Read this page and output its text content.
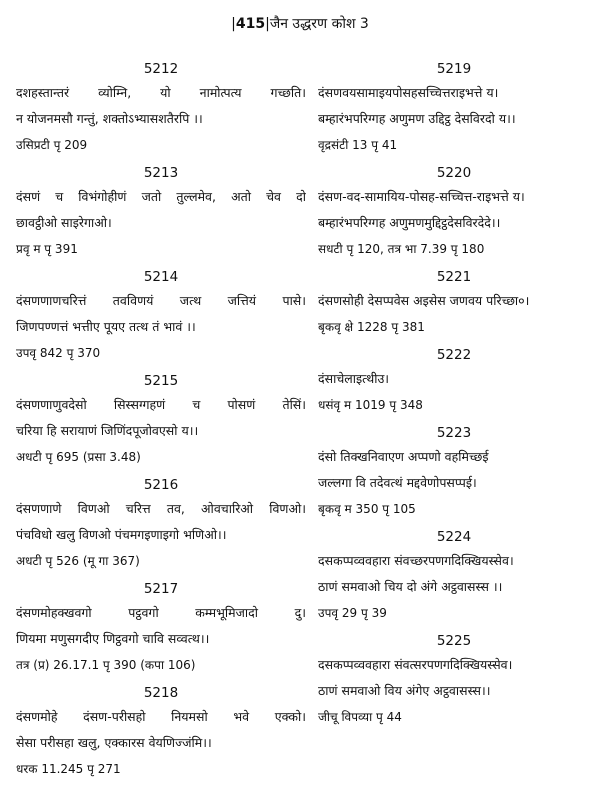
|415|जैन उद्धरण कोश 3
5212
दशहस्तान्तरं व्योम्नि, यो नामोत्पत्य गच्छति।
न योजनमसौ गन्तुं, शक्तोऽभ्यासशतैरपि ।।
उसिप्रटी पृ 209
5213
दंसणं च विभंगोहीणं जतो तुल्लमेव, अतो चेव दो
छावट्ठीओ साइरेगाओ।
प्रवृ म पृ 391
5214
दंसणणाणचरित्तं तवविणयं जत्थ जत्तियं पासे।
जिणपण्णत्तं भत्तीए पूयए तत्थ तं भावं ।।
उपवृ 842 पृ 370
5215
दंसणणाणुवदेसो सिस्सग्गहणं च पोसणं तेसिं।
चरिया हि सरायाणं जिणिंदपूजोवएसो य।।
अधटी पृ 695 (प्रसा 3.48)
5216
दंसणणाणे विणओ चरित्त तव, ओवचारिओ विणओ।
पंचविधो खलु विणओ पंचमगइणाइगो भणिओ।।
अधटी पृ 526 (मू गा 367)
5217
दंसणमोहक्खवगो पट्ठवगो कम्मभूमिजादो दु।
णियमा मणुसगदीए णिट्ठवगो चावि सव्वत्थ।।
तत्र (प्र) 26.17.1 पृ 390 (कपा 106)
5218
दंसणमोहे दंसण-परीसहो नियमसो भवे एक्को।
सेसा परीसहा खलु, एक्कारस वेयणिज्जंमि।।
धरक 11.245 पृ 271
5219
दंसणवयसामाइयपोसहसच्चित्तराइभत्ते य।
बम्हारंभपरिग्गह अणुमण उद्दिट्ठ देसविरदो य।।
वृद्रसंटी 13 पृ 41
5220
दंसण-वद-सामायिय-पोसह-सच्चित्त-राइभत्ते य।
बम्हारंभपरिग्गह अणुमणमुद्दिट्ठदेसविरदेदे।।
सधटी पृ 120, तत्र भा 7.39 पृ 180
5221
दंसणसोही देसप्पवेस अइसेस जणवय परिच्छा०।
बृकवृ क्षे 1228 पृ 381
5222
दंसाचेलाइत्थीउ।
धसंवृ म 1019 पृ 348
5223
दंसो तिक्खनिवाएण अप्पणो वहमिच्छई
जल्लगा वि तदेवत्थं मद्दवेणोपसप्पई।
बृकवृ म 350 पृ 105
5224
दसकप्पव्ववहारा संवच्छरपणगदिक्खियस्सेव।
ठाणं समवाओ चिय दो अंगे अट्ठवासस्स ।।
उपवृ 29 पृ 39
5225
दसकप्पव्ववहारा संवत्सरपणगदिक्खियस्सेव।
ठाणं समवाओ विय अंगेए अट्ठवासस्स।।
जीचू विपव्या पृ 44
